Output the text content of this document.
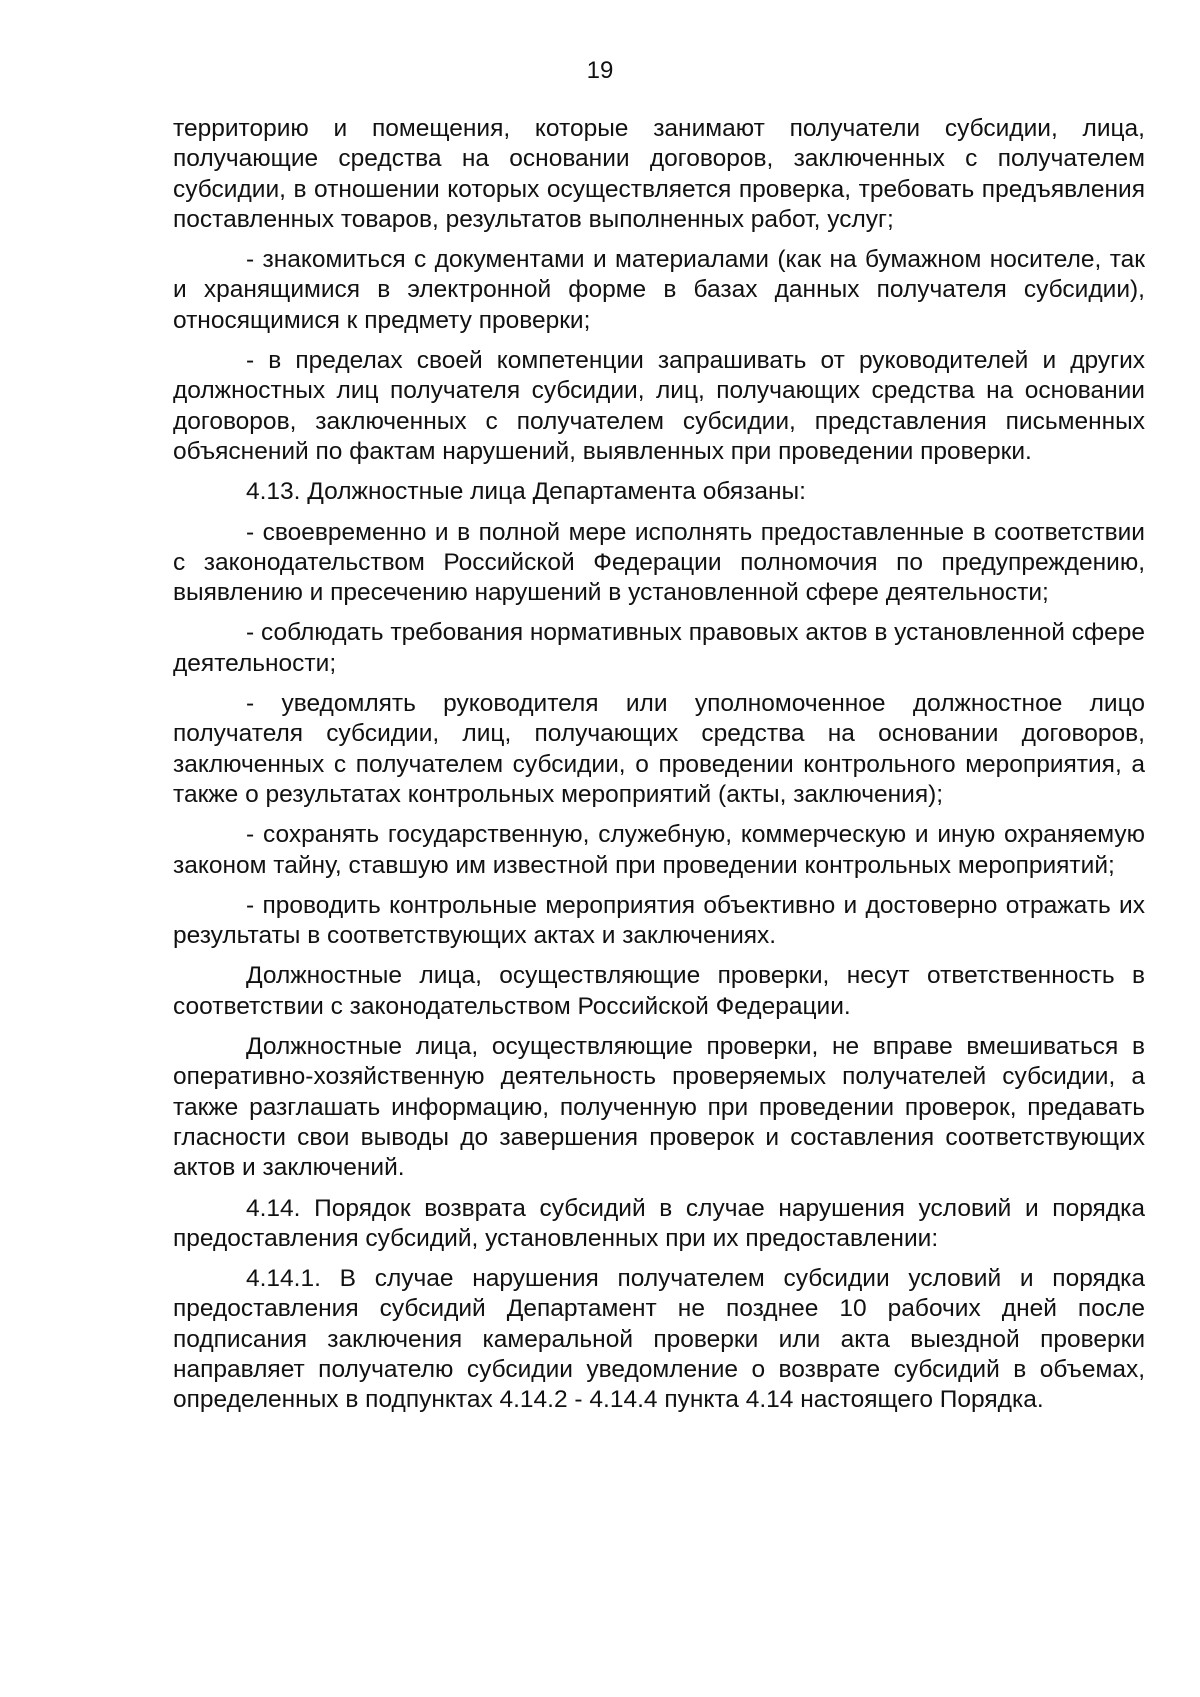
19

территорию и помещения, которые занимают получатели субсидии, лица, получающие средства на основании договоров, заключенных с получателем субсидии, в отношении которых осуществляется проверка, требовать предъявления поставленных товаров, результатов выполненных работ, услуг;

- знакомиться с документами и материалами (как на бумажном носителе, так и хранящимися в электронной форме в базах данных получателя субсидии), относящимися к предмету проверки;

- в пределах своей компетенции запрашивать от руководителей и других должностных лиц получателя субсидии, лиц, получающих средства на основании договоров, заключенных с получателем субсидии, представления письменных объяснений по фактам нарушений, выявленных при проведении проверки.

4.13. Должностные лица Департамента обязаны:

- своевременно и в полной мере исполнять предоставленные в соответствии с законодательством Российской Федерации полномочия по предупреждению, выявлению и пресечению нарушений в установленной сфере деятельности;

- соблюдать требования нормативных правовых актов в установленной сфере деятельности;

- уведомлять руководителя или уполномоченное должностное лицо получателя субсидии, лиц, получающих средства на основании договоров, заключенных с получателем субсидии, о проведении контрольного мероприятия, а также о результатах контрольных мероприятий (акты, заключения);

- сохранять государственную, служебную, коммерческую и иную охраняемую законом тайну, ставшую им известной при проведении контрольных мероприятий;

- проводить контрольные мероприятия объективно и достоверно отражать их результаты в соответствующих актах и заключениях.

Должностные лица, осуществляющие проверки, несут ответственность в соответствии с законодательством Российской Федерации.

Должностные лица, осуществляющие проверки, не вправе вмешиваться в оперативно-хозяйственную деятельность проверяемых получателей субсидии, а также разглашать информацию, полученную при проведении проверок, предавать гласности свои выводы до завершения проверок и составления соответствующих актов и заключений.

4.14. Порядок возврата субсидий в случае нарушения условий и порядка предоставления субсидий, установленных при их предоставлении:

4.14.1. В случае нарушения получателем субсидии условий и порядка предоставления субсидий Департамент не позднее 10 рабочих дней после подписания заключения камеральной проверки или акта выездной проверки направляет получателю субсидии уведомление о возврате субсидий в объемах, определенных в подпунктах 4.14.2 - 4.14.4 пункта 4.14 настоящего Порядка.
